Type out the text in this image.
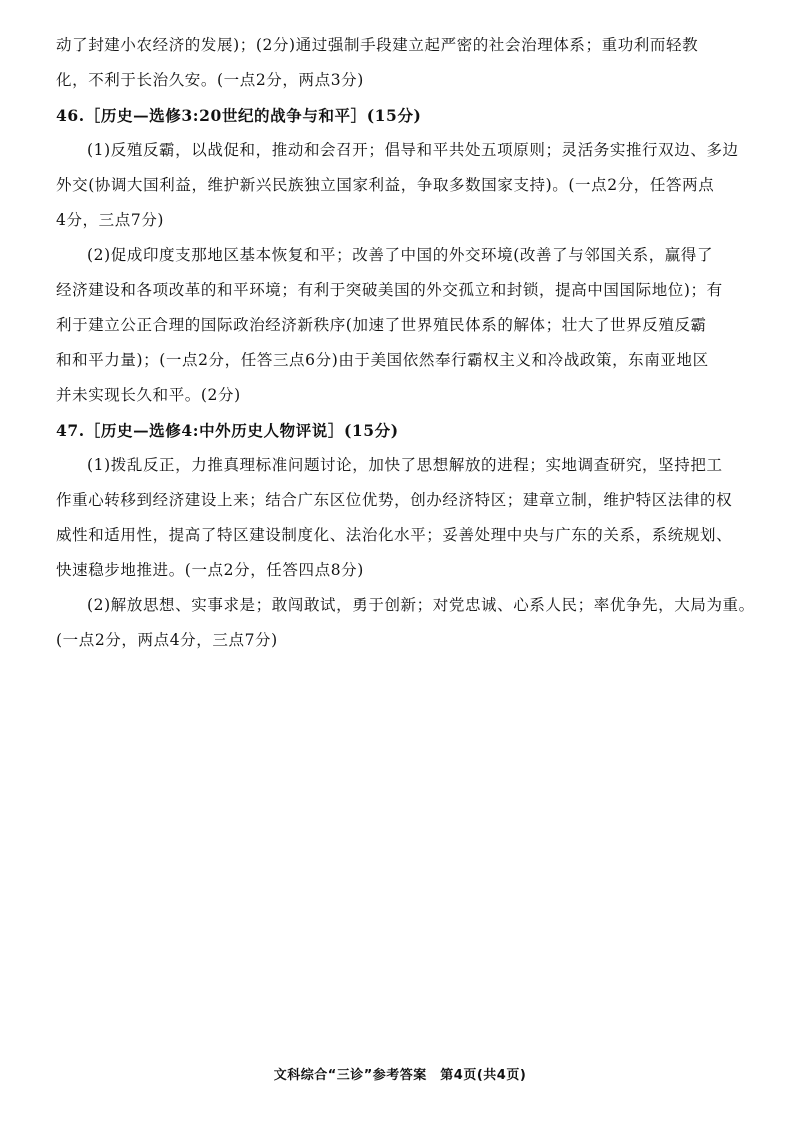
动了封建小农经济的发展)；(2分)通过强制手段建立起严密的社会治理体系；重功利而轻教
化，不利于长治久安。(一点2分，两点3分)
46.［历史—选修3:20世纪的战争与和平］(15分)
(1)反殖反霸，以战促和，推动和会召开；倡导和平共处五项原则；灵活务实推行双边、多边
外交(协调大国利益，维护新兴民族独立国家利益，争取多数国家支持)。(一点2分，任答两点
4分，三点7分)
(2)促成印度支那地区基本恢复和平；改善了中国的外交环境(改善了与邻国关系，赢得了
经济建设和各项改革的和平环境；有利于突破美国的外交孤立和封锁，提高中国国际地位)；有
利于建立公正合理的国际政治经济新秩序(加速了世界殖民体系的解体；壮大了世界反殖反霸
和和平力量)；(一点2分，任答三点6分)由于美国依然奉行霸权主义和冷战政策，东南亚地区
并未实现长久和平。(2分)
47.［历史—选修4:中外历史人物评说］(15分)
(1)拨乱反正，力推真理标准问题讨论，加快了思想解放的进程；实地调查研究，坚持把工
作重心转移到经济建设上来；结合广东区位优势，创办经济特区；建章立制，维护特区法律的权
威性和适用性，提高了特区建设制度化、法治化水平；妥善处理中央与广东的关系，系统规划、
快速稳步地推进。(一点2分，任答四点8分)
(2)解放思想、实事求是；敢闯敢试，勇于创新；对党忠诚、心系人民；率优争先，大局为重。
(一点2分，两点4分，三点7分)
文科综合“三诊”参考答案　第4页(共4页)
